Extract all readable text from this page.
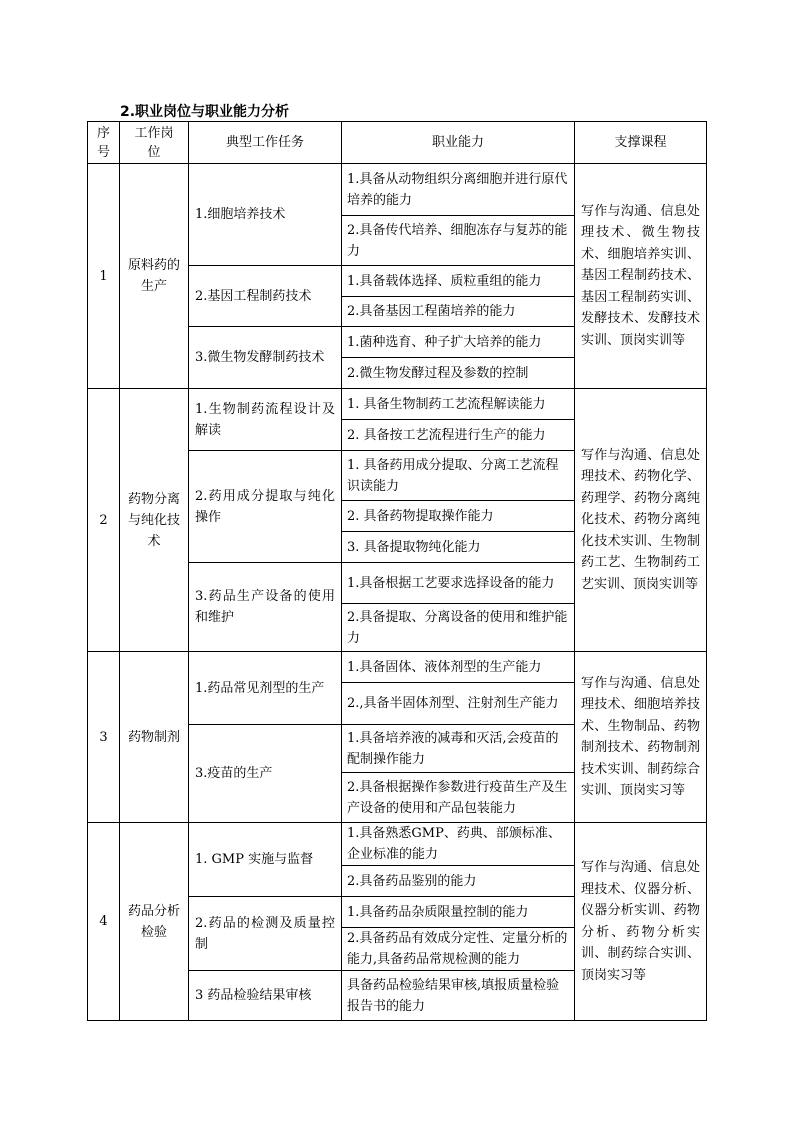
2.职业岗位与职业能力分析
序号	工作岗位	典型工作任务	职业能力	支撑课程
1	原料药的生产	1.细胞培养技术	1.具备从动物组织分离细胞并进行原代培养的能力	写作与沟通、信息处理技术、微生物技术、细胞培养实训、基因工程制药技术、基因工程制药实训、发酵技术、发酵技术实训、顶岗实训等
			2.具备传代培养、细胞冻存与复苏的能力	
		2.基因工程制药技术	1.具备载体选择、质粒重组的能力	
			2.具备基因工程菌培养的能力	
		3.微生物发酵制药技术	1.菌种选育、种子扩大培养的能力	
			2.微生物发酵过程及参数的控制	
2	药物分离与纯化技术	1.生物制药流程设计及解读	1. 具备生物制药工艺流程解读能力	写作与沟通、信息处理技术、药物化学、药理学、药物分离纯化技术、药物分离纯化技术实训、生物制药工艺、生物制药工艺实训、顶岗实训等
			2. 具备按工艺流程进行生产的能力	
		2.药用成分提取与纯化操作	1. 具备药用成分提取、分离工艺流程识读能力	
			2. 具备药物提取操作能力	
			3. 具备提取物纯化能力	
		3.药品生产设备的使用和维护	1.具备根据工艺要求选择设备的能力	
			2.具备提取、分离设备的使用和维护能力	
3	药物制剂	1.药品常见剂型的生产	1.具备固体、液体剂型的生产能力	写作与沟通、信息处理技术、细胞培养技术、生物制品、药物制剂技术、药物制剂技术实训、制药综合实训、顶岗实习等
			2.,具备半固体剂型、注射剂生产能力	
		3.疫苗的生产	1.具备培养液的减毒和灭活,会疫苗的配制操作能力	
			2.具备根据操作参数进行疫苗生产及生产设备的使用和产品包装能力	
4	药品分析检验	1. GMP 实施与监督	1.具备熟悉GMP、药典、部颁标准、企业标准的能力	写作与沟通、信息处理技术、仪器分析、仪器分析实训、药物分析、药物分析实训、制药综合实训、顶岗实习等
			2.具备药品鉴别的能力	
		2.药品的检测及质量控制	1.具备药品杂质限量控制的能力	
			2.具备药品有效成分定性、定量分析的能力,具备药品常规检测的能力	
		3 药品检验结果审核	具备药品检验结果审核,填报质量检验报告书的能力	
